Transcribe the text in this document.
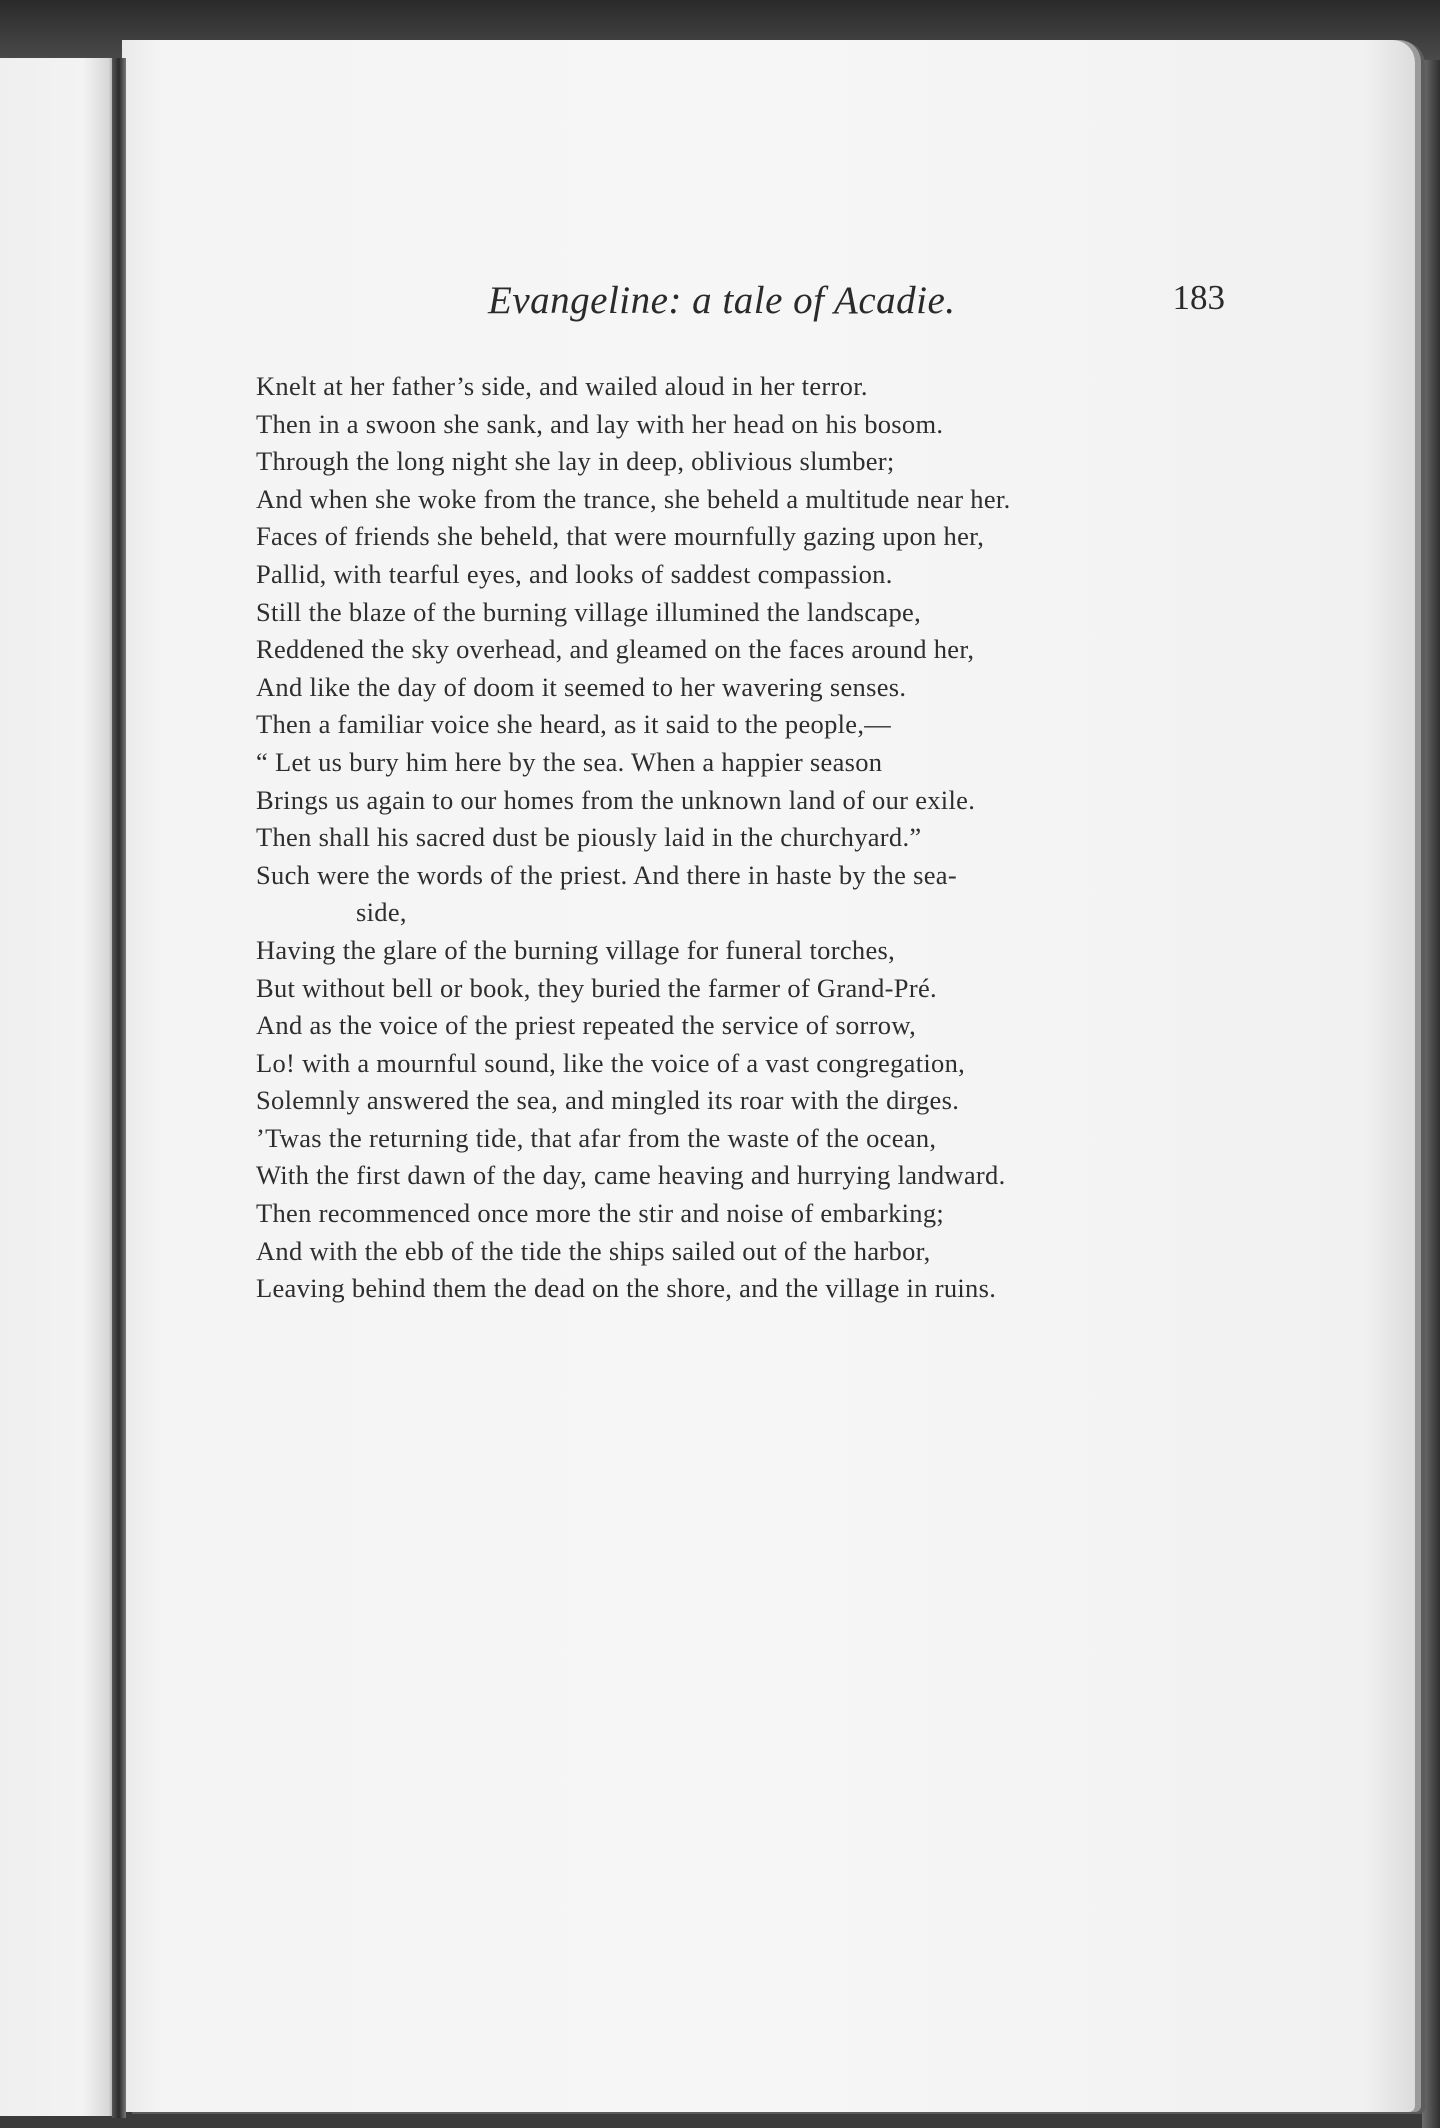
Evangeline: a tale of Acadie.	183
Knelt at her father’s side, and wailed aloud in her terror.
Then in a swoon she sank, and lay with her head on his bosom.
Through the long night she lay in deep, oblivious slumber;
And when she woke from the trance, she beheld a multitude near her.
Faces of friends she beheld, that were mournfully gazing upon her,
Pallid, with tearful eyes, and looks of saddest compassion.
Still the blaze of the burning village illumined the landscape,
Reddened the sky overhead, and gleamed on the faces around her,
And like the day of doom it seemed to her wavering senses.
Then a familiar voice she heard, as it said to the people,—
“ Let us bury him here by the sea. When a happier season
Brings us again to our homes from the unknown land of our exile.
Then shall his sacred dust be piously laid in the churchyard.”
Such were the words of the priest. And there in haste by the sea-
side,
Having the glare of the burning village for funeral torches,
But without bell or book, they buried the farmer of Grand-Pré.
And as the voice of the priest repeated the service of sorrow,
Lo! with a mournful sound, like the voice of a vast congregation,
Solemnly answered the sea, and mingled its roar with the dirges.
’Twas the returning tide, that afar from the waste of the ocean,
With the first dawn of the day, came heaving and hurrying landward.
Then recommenced once more the stir and noise of embarking;
And with the ebb of the tide the ships sailed out of the harbor,
Leaving behind them the dead on the shore, and the village in ruins.
